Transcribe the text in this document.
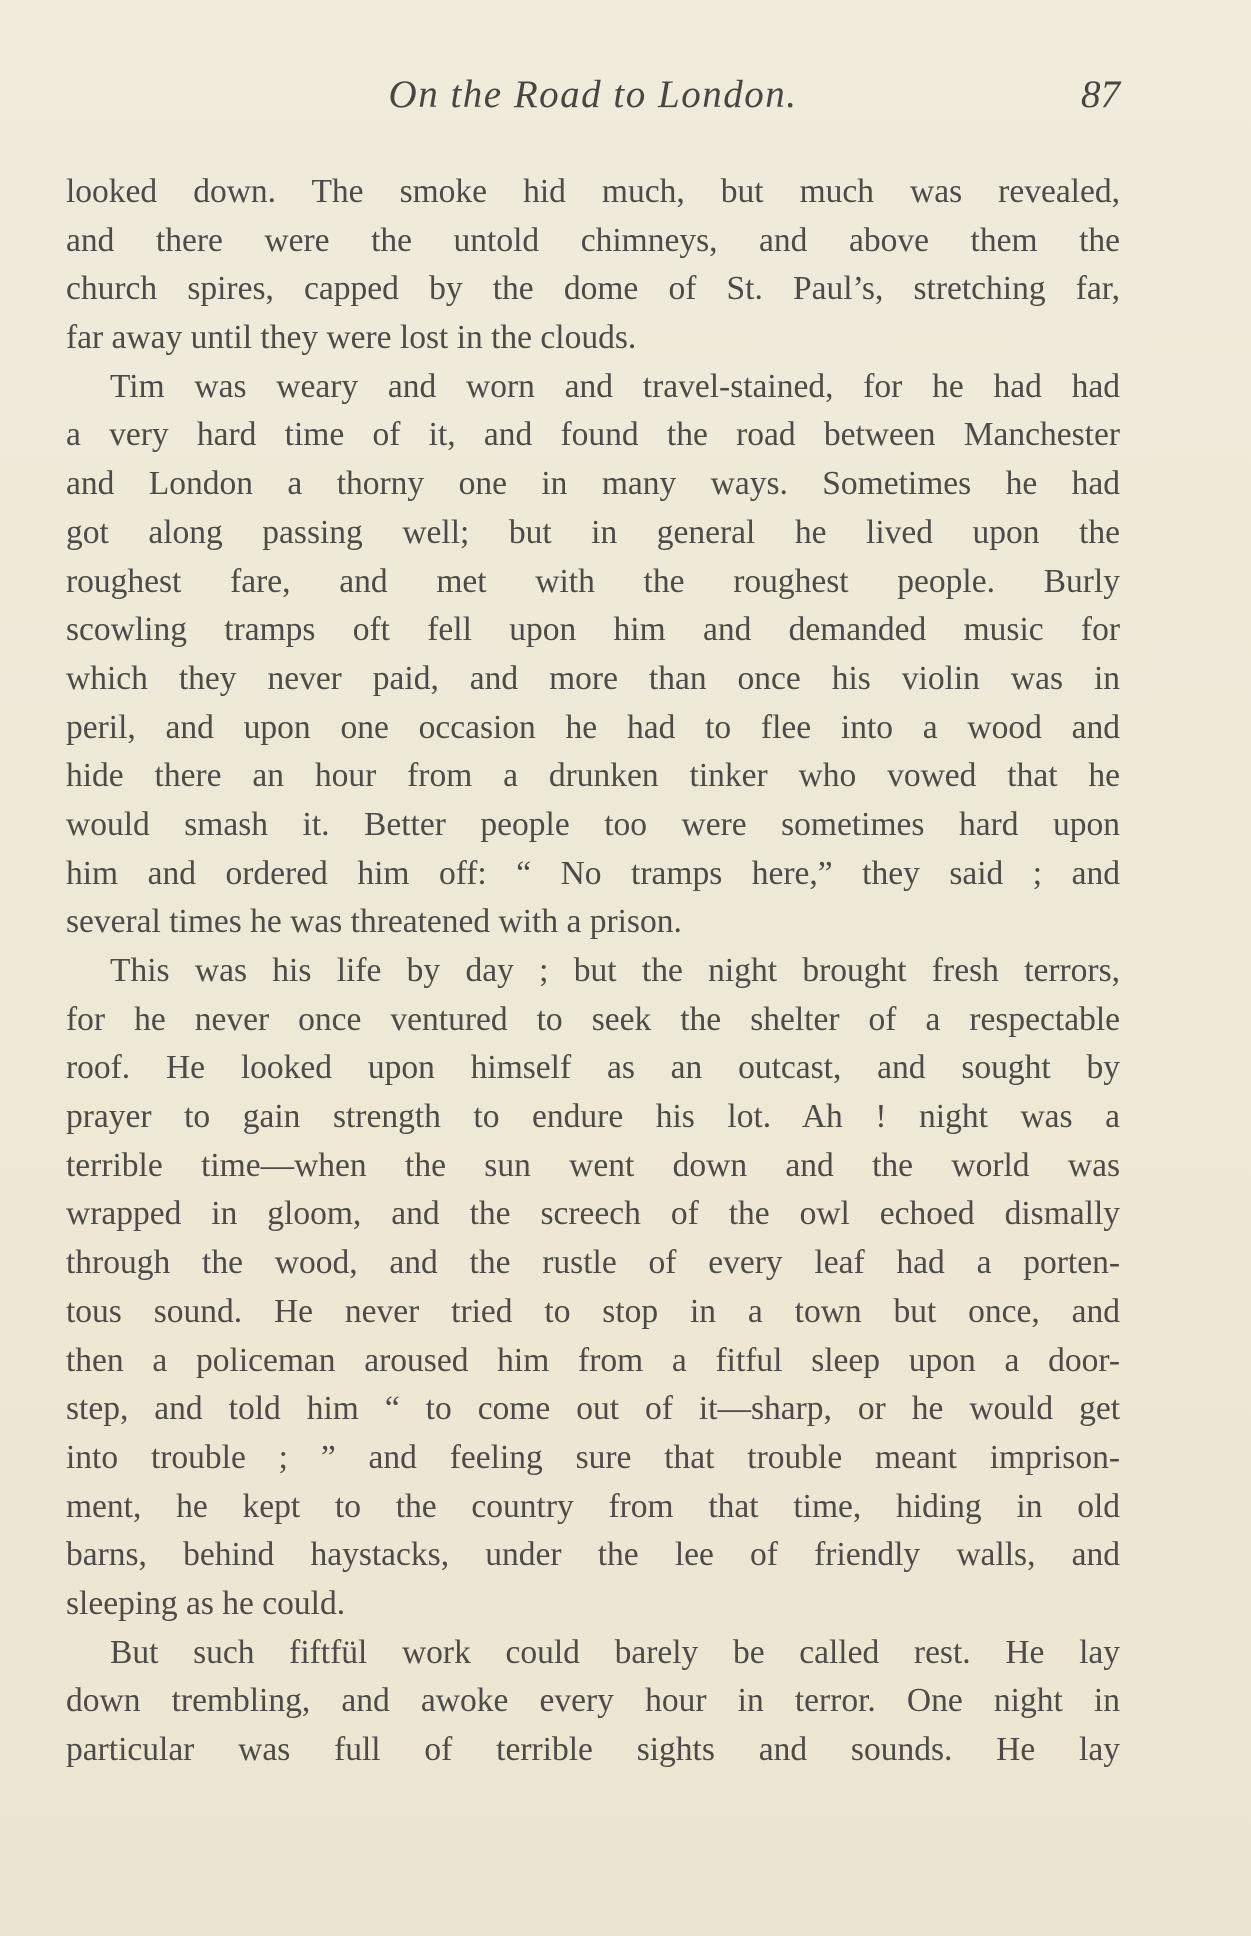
On the Road to London.	87
looked down. The smoke hid much, but much was revealed,
and there were the untold chimneys, and above them the
church spires, capped by the dome of St. Paul’s, stretching far,
far away until they were lost in the clouds.
Tim was weary and worn and travel-stained, for he had had
a very hard time of it, and found the road between Manchester
and London a thorny one in many ways. Sometimes he had
got along passing well; but in general he lived upon the
roughest fare, and met with the roughest people. Burly
scowling tramps oft fell upon him and demanded music for
which they never paid, and more than once his violin was in
peril, and upon one occasion he had to flee into a wood and
hide there an hour from a drunken tinker who vowed that he
would smash it. Better people too were sometimes hard upon
him and ordered him off: “ No tramps here,” they said ; and
several times he was threatened with a prison.
This was his life by day ; but the night brought fresh terrors,
for he never once ventured to seek the shelter of a respectable
roof. He looked upon himself as an outcast, and sought by
prayer to gain strength to endure his lot. Ah ! night was a
terrible time—when the sun went down and the world was
wrapped in gloom, and the screech of the owl echoed dismally
through the wood, and the rustle of every leaf had a porten-
tous sound. He never tried to stop in a town but once, and
then a policeman aroused him from a fitful sleep upon a door-
step, and told him “ to come out of it—sharp, or he would get
into trouble ; ” and feeling sure that trouble meant imprison-
ment, he kept to the country from that time, hiding in old
barns, behind haystacks, under the lee of friendly walls, and
sleeping as he could.
But such fiftfül work could barely be called rest. He lay
down trembling, and awoke every hour in terror. One night in
particular was full of terrible sights and sounds. He lay
